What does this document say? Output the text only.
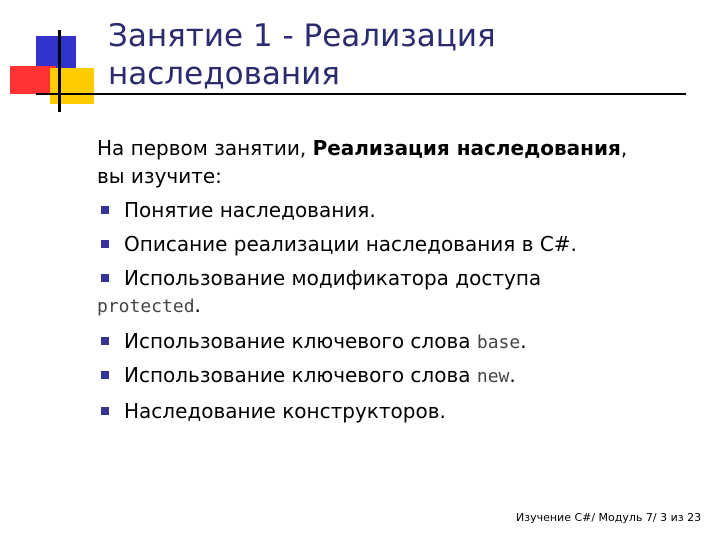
Занятие 1 - Реализация
наследования
На первом занятии, Реализация наследования,
вы изучите:
Понятие наследования.
Описание реализации наследования в C#.
Использование модификатора доступа
protected.
Использование ключевого слова base.
Использование ключевого слова new.
Наследование конструкторов.
Изучение C#/ Модуль 7/ 3 из 23
